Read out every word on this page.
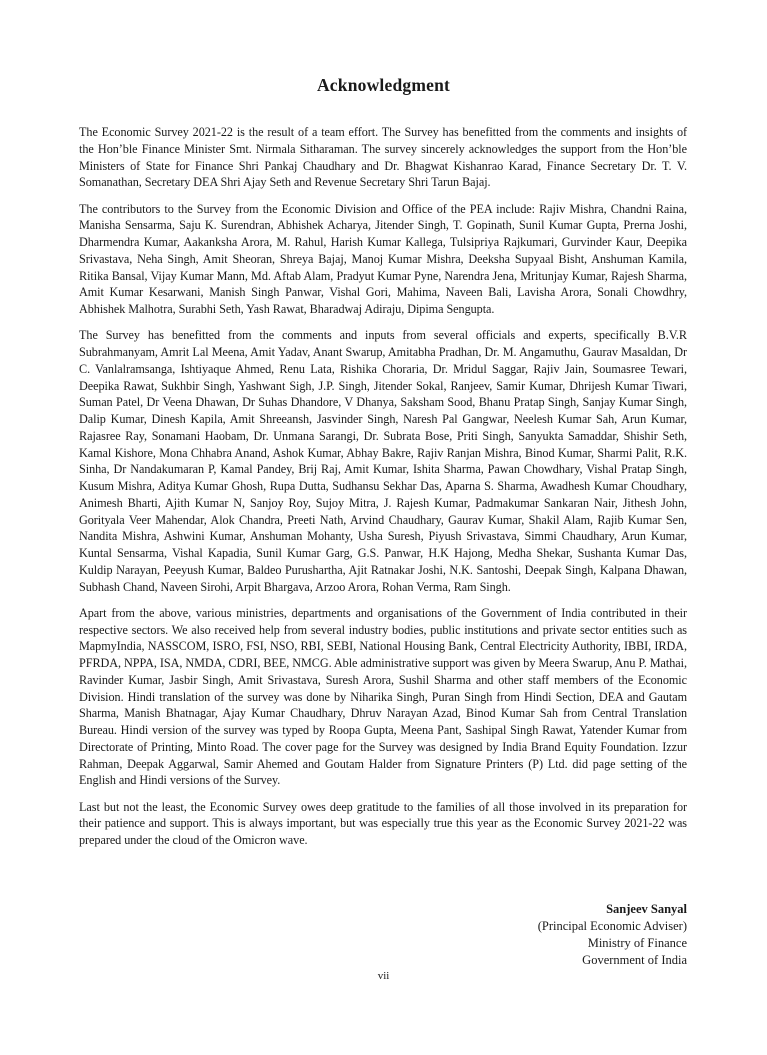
Acknowledgment

The Economic Survey 2021-22 is the result of a team effort. The Survey has benefitted from the comments and insights of the Hon’ble Finance Minister Smt. Nirmala Sitharaman. The survey sincerely acknowledges the support from the Hon’ble Ministers of State for Finance Shri Pankaj Chaudhary and Dr. Bhagwat Kishanrao Karad, Finance Secretary Dr. T. V. Somanathan, Secretary DEA Shri Ajay Seth and Revenue Secretary Shri Tarun Bajaj.

The contributors to the Survey from the Economic Division and Office of the PEA include: Rajiv Mishra, Chandni Raina, Manisha Sensarma, Saju K. Surendran, Abhishek Acharya, Jitender Singh, T. Gopinath, Sunil Kumar Gupta, Prerna Joshi, Dharmendra Kumar, Aakanksha Arora, M. Rahul, Harish Kumar Kallega, Tulsipriya Rajkumari, Gurvinder Kaur, Deepika Srivastava, Neha Singh, Amit Sheoran, Shreya Bajaj, Manoj Kumar Mishra, Deeksha Supyaal Bisht, Anshuman Kamila, Ritika Bansal, Vijay Kumar Mann, Md. Aftab Alam, Pradyut Kumar Pyne, Narendra Jena, Mritunjay Kumar, Rajesh Sharma, Amit Kumar Kesarwani, Manish Singh Panwar, Vishal Gori, Mahima, Naveen Bali, Lavisha Arora, Sonali Chowdhry, Abhishek Malhotra, Surabhi Seth, Yash Rawat, Bharadwaj Adiraju, Dipima Sengupta.

The Survey has benefitted from the comments and inputs from several officials and experts, specifically B.V.R Subrahmanyam, Amrit Lal Meena, Amit Yadav, Anant Swarup, Amitabha Pradhan, Dr. M. Angamuthu, Gaurav Masaldan, Dr C. Vanlalramsanga, Ishtiyaque Ahmed, Renu Lata, Rishika Choraria, Dr. Mridul Saggar, Rajiv Jain, Soumasree Tewari, Deepika Rawat, Sukhbir Singh, Yashwant Sigh, J.P. Singh, Jitender Sokal, Ranjeev, Samir Kumar, Dhrijesh Kumar Tiwari, Suman Patel, Dr Veena Dhawan, Dr Suhas Dhandore, V Dhanya, Saksham Sood, Bhanu Pratap Singh, Sanjay Kumar Singh, Dalip Kumar, Dinesh Kapila, Amit Shreeansh, Jasvinder Singh, Naresh Pal Gangwar, Neelesh Kumar Sah, Arun Kumar, Rajasree Ray, Sonamani Haobam, Dr. Unmana Sarangi, Dr. Subrata Bose, Priti Singh, Sanyukta Samaddar, Shishir Seth, Kamal Kishore, Mona Chhabra Anand, Ashok Kumar, Abhay Bakre, Rajiv Ranjan Mishra, Binod Kumar, Sharmi Palit, R.K. Sinha, Dr Nandakumaran P, Kamal Pandey, Brij Raj, Amit Kumar, Ishita Sharma, Pawan Chowdhary, Vishal Pratap Singh, Kusum Mishra, Aditya Kumar Ghosh, Rupa Dutta, Sudhansu Sekhar Das, Aparna S. Sharma, Awadhesh Kumar Choudhary, Animesh Bharti, Ajith Kumar N, Sanjoy Roy, Sujoy Mitra, J. Rajesh Kumar, Padmakumar Sankaran Nair, Jithesh John, Gorityala Veer Mahendar, Alok Chandra, Preeti Nath, Arvind Chaudhary, Gaurav Kumar, Shakil Alam, Rajib Kumar Sen, Nandita Mishra, Ashwini Kumar, Anshuman Mohanty, Usha Suresh, Piyush Srivastava, Simmi Chaudhary, Arun Kumar, Kuntal Sensarma, Vishal Kapadia, Sunil Kumar Garg, G.S. Panwar, H.K Hajong, Medha Shekar, Sushanta Kumar Das, Kuldip Narayan, Peeyush Kumar, Baldeo Purushartha, Ajit Ratnakar Joshi, N.K. Santoshi, Deepak Singh, Kalpana Dhawan, Subhash Chand, Naveen Sirohi, Arpit Bhargava, Arzoo Arora, Rohan Verma, Ram Singh.

Apart from the above, various ministries, departments and organisations of the Government of India contributed in their respective sectors. We also received help from several industry bodies, public institutions and private sector entities such as MapmyIndia, NASSCOM, ISRO, FSI, NSO, RBI, SEBI, National Housing Bank, Central Electricity Authority, IBBI, IRDA, PFRDA, NPPA, ISA, NMDA, CDRI, BEE, NMCG. Able administrative support was given by Meera Swarup, Anu P. Mathai, Ravinder Kumar, Jasbir Singh, Amit Srivastava, Suresh Arora, Sushil Sharma and other staff members of the Economic Division. Hindi translation of the survey was done by Niharika Singh, Puran Singh from Hindi Section, DEA and Gautam Sharma, Manish Bhatnagar, Ajay Kumar Chaudhary, Dhruv Narayan Azad, Binod Kumar Sah from Central Translation Bureau. Hindi version of the survey was typed by Roopa Gupta, Meena Pant, Sashipal Singh Rawat, Yatender Kumar from Directorate of Printing, Minto Road. The cover page for the Survey was designed by India Brand Equity Foundation. Izzur Rahman, Deepak Aggarwal, Samir Ahemed and Goutam Halder from Signature Printers (P) Ltd. did page setting of the English and Hindi versions of the Survey.

Last but not the least, the Economic Survey owes deep gratitude to the families of all those involved in its preparation for their patience and support. This is always important, but was especially true this year as the Economic Survey 2021-22 was prepared under the cloud of the Omicron wave.

Sanjeev Sanyal
(Principal Economic Adviser)
Ministry of Finance
Government of India
vii
